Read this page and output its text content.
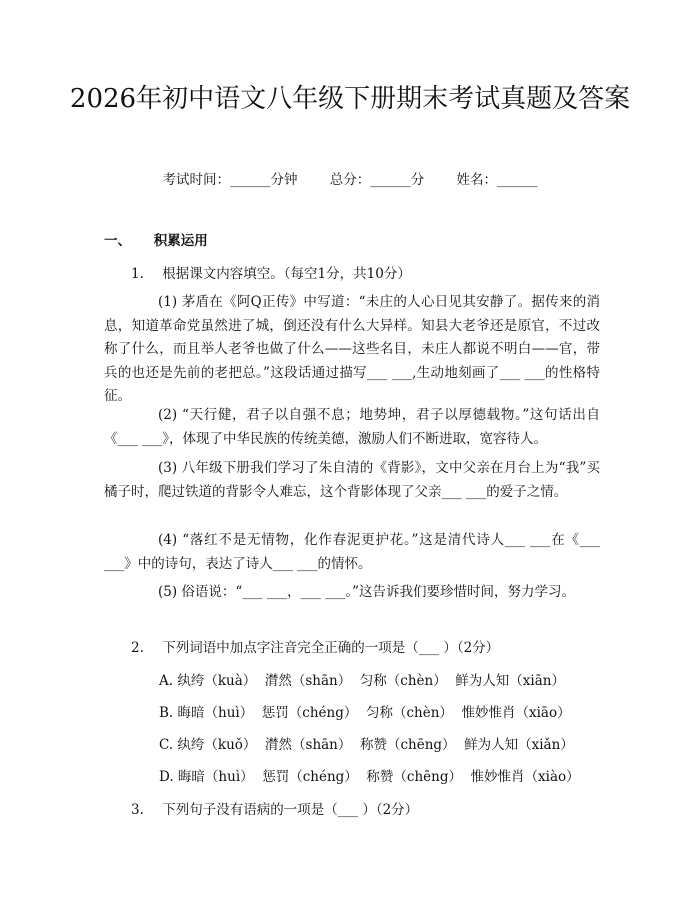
2026年初中语文八年级下册期末考试真题及答案
考试时间：______分钟 总分：______分 姓名：______
一、 积累运用
1. 根据课文内容填空。（每空1分，共10分）

(1) 茅盾在《阿Q正传》中写道：“未庄的人心日见其安静了。据传来的消息，知道革命党虽然进了城，倒还没有什么大异样。知县大老爷还是原官，不过改称了什么，而且举人老爷也做了什么——这些名目，未庄人都说不明白——官，带兵的也还是先前的老把总。”这段话通过描写___ ___,生动地刻画了___ ___的性格特征。

(2) “天行健，君子以自强不息；地势坤，君子以厚德载物。”这句话出自《___ ___》，体现了中华民族的传统美德，激励人们不断进取，宽容待人。

(3) 八年级下册我们学习了朱自清的《背影》，文中父亲在月台上为“我”买橘子时，爬过铁道的背影令人难忘，这个背影体现了父亲___ ___的爱子之情。

(4) “落红不是无情物，化作春泥更护花。”这是清代诗人___ ___在《___ ___》中的诗句，表达了诗人___ ___的情怀。

(5) 俗语说：“___ ___，___ ___。”这告诉我们要珍惜时间，努力学习。

2. 下列词语中加点字注音完全正确的一项是（___ ）（2分）
A. 纨绔（kuà）  潸然（shān）  匀称（chèn）  鲜为人知（xiān）
B. 晦暗（huì）  惩罚（chéng）  匀称（chèn）  惟妙惟肖（xiāo）
C. 纨绔（kuǒ）  潸然（shān）  称赞（chēng）  鲜为人知（xiǎn）
D. 晦暗（huì）  惩罚（chéng）  称赞（chēng）  惟妙惟肖（xiào）
3. 下列句子没有语病的一项是（___ ）（2分）
